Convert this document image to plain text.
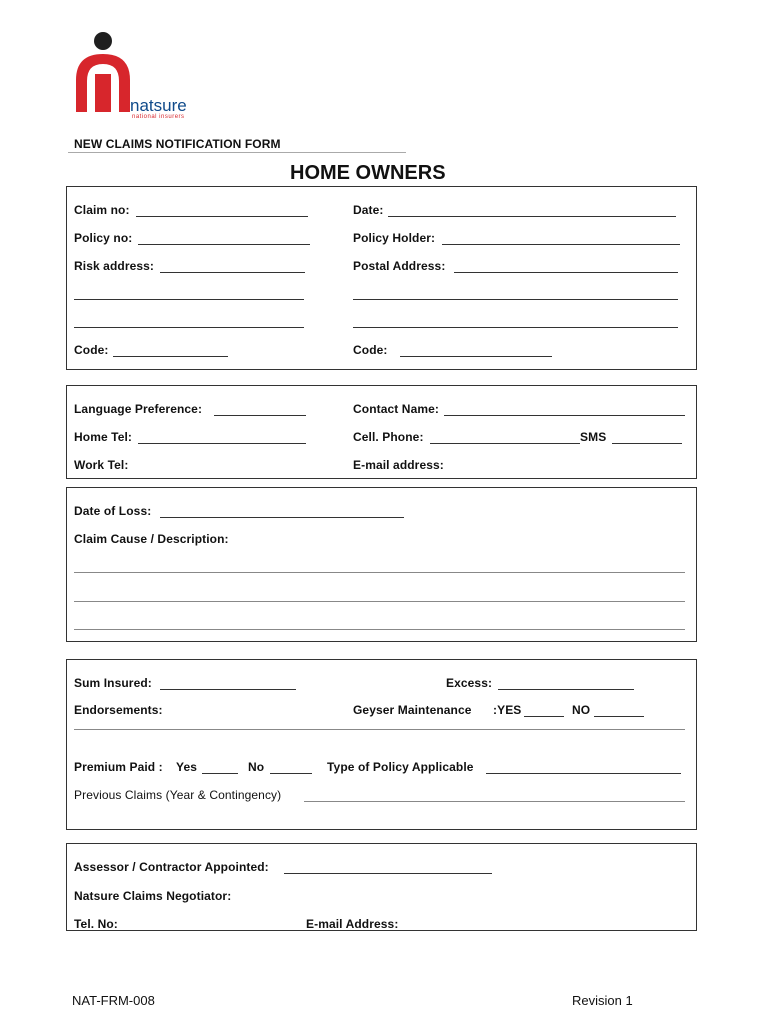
natsure
national insurers
NEW CLAIMS NOTIFICATION FORM
HOME OWNERS
Claim no:	Date:
Policy no:	Policy Holder:
Risk address:	Postal Address:
Code:	Code:
Language Preference:	Contact Name:
Home Tel:	Cell. Phone:	SMS
Work Tel:	E-mail address:
Date of Loss:
Claim Cause / Description:
Sum Insured:	Excess:
Endorsements:	Geyser Maintenance :YES	NO
Premium Paid : Yes	No	Type of Policy Applicable
Previous Claims (Year & Contingency)
Assessor / Contractor Appointed:
Natsure Claims Negotiator:
Tel. No:	E-mail Address:
NAT-FRM-008	Revision 1
